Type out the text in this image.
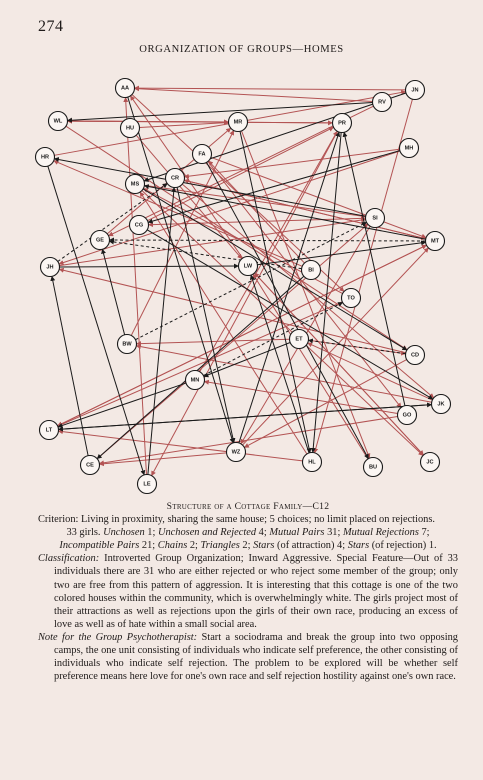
274
ORGANIZATION OF GROUPS—HOMES
AA
RV
JN
WL
HU
MR	PR
MH
HR	FA
MS
CR
CG
SI
GE	MT
JH	LW
BI
TO
ET
BW
CD
MN
JK
GO
LT
JC
CE
WZ
HL
BU
LE

Structure of a Cottage Family—C12

Criterion: Living in proximity, sharing the same house; 5 choices; no limit placed on rejections.

33 girls. Unchosen 1; Unchosen and Rejected 4; Mutual Pairs 31; Mutual Rejections 7; Incompatible Pairs 21; Chains 2; Triangles 2; Stars (of attraction) 4; Stars (of rejection) 1.

Classification: Introverted Group Organization; Inward Aggressive. Special Feature—Out of 33 individuals there are 31 who are either rejected or who reject some member of the group; only two are free from this pattern of aggression. It is interesting that this cottage is one of the two colored houses within the community, which is overwhelmingly white. The girls project most of their attractions as well as rejections upon the girls of their own race, producing an excess of love as well as of hate within a small social area.

Note for the Group Psychotherapist: Start a sociodrama and break the group into two opposing camps, the one unit consisting of individuals who indicate self preference, the other consisting of individuals who indicate self rejection. The problem to be explored will be whether self preference means here love for one's own race and self rejection hostility against one's own race.
